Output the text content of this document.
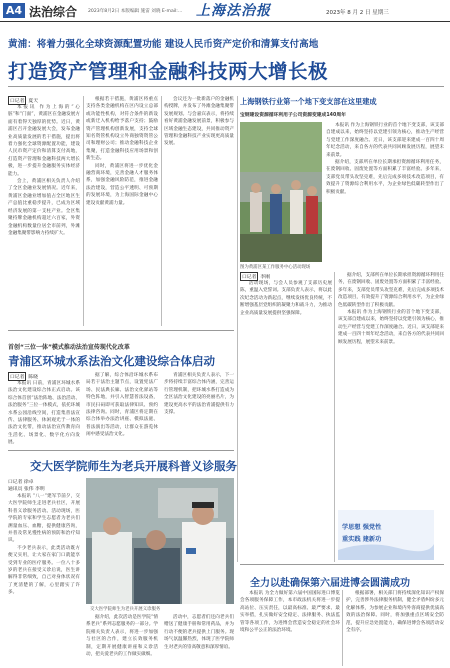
A4 法治综合 2023年8月2日 本版编辑 施雷 刘晓 E-mail:... 上海法治报	2023年 8 月 2 日 星期三
黄浦：将着力强化全球资源配置功能 建设人民币资产定价和清算支付高地
打造资产管理和金融科技两大增长极
口记者 夏天

本报讯 作为上海的“心脏”和“门面”，黄浦区在金融发展方面有着得天独厚的优势。近日，黄浦区召开金融发展大会，发布金融业高质量发展的若干措施，提出将着力强化全球资源配置功能，建设人民币资产定价和清算支付高地，打造资产管理和金融科技两大增长极，进一步提升金融服务实体经济能力。

会上，黄浦区相关负责人介绍了全区金融业发展情况。近年来，黄浦区金融业增加值占全区地区生产总值比重稳步提升，已成为区域经济发展的第一支柱产业。全区集聚持牌金融机构超过六百家，外资金融机构数量位居全市前列，外滩金融集聚带影响力持续扩大。

根据若干措施，黄浦区将重点支持各类金融机构在区内设立总部或功能性机构，对符合条件的新设或新迁入机构给予落户支持；鼓励资产管理机构创新发展，支持全球知名资管机构设立外商独资资管公司和理财公司；推动金融科技企业集聚，打造金融科技应用场景和创新生态。

同时，黄浦区将进一步优化金融营商环境，完善金融人才服务体系，加强金融风险防范，推进金融法治建设，营造公平透明、可预期的发展环境，为上海国际金融中心建设贡献黄浦力量。

会议还为一批新落户的金融机构授牌，并发布了外滩金融集聚带发展规划。与会嘉宾表示，将持续看好黄浦金融发展前景，积极参与区域金融生态建设，共同推动资产管理和金融科技产业实现更高质量发展。

上海钢铁行业第一个地下变支部在这里建成
宝钢建设资源循环利用子公司资源变建成140周年
图为黄浦区某工作服务中心活动现场

本报讯 作为上海钢铁行业的首个地下变支部，该支部自建成以来，始终坚持以党建引领为核心，推动生产经营与党建工作深度融合。近日，该支部迎来建成一百四十周年纪念活动，来自各方的代表共同回顾发展历程，展望未来前景。

据介绍，支部所在单位长期承担资源循环利用任务，在废钢回收、固废处置等方面积累了丰富经验。多年来，支部党员带头攻坚克难，先后完成多项技术改造项目，有效提升了资源综合利用水平，为企业绿色低碳转型作出了积极贡献。

口记者 李刚

活动现场，与会人员参观了支部历史展陈，重温入党誓词。支部负责人表示，将以此次纪念活动为新起点，继续发扬优良传统，不断增强基层党组织的凝聚力和战斗力，为推动企业高质量发展提供坚强保障。

据介绍，支部所在单位长期承担资源循环利用任务，在废钢回收、固废处置等方面积累了丰富经验。多年来，支部党员带头攻坚克难，先后完成多项技术改造项目，有效提升了资源综合利用水平，为企业绿色低碳转型作出了积极贡献。

本报讯 作为上海钢铁行业的首个地下变支部，该支部自建成以来，始终坚持以党建引领为核心，推动生产经营与党建工作深度融合。近日，该支部迎来建成一百四十周年纪念活动，来自各方的代表共同回顾发展历程，展望未来前景。

首创“三位一体”模式推动法治宣传现代化改革
青浦区环城水系法治文化建设综合体启动
口记者 陈晓

本报讯 日前，青浦区环城水系法治文化建设综合体正式启动。该综合体首创“法治阵地、法治活动、法治服务”三位一体模式，依托环城水系公园沿线空间，打造集普法宣传、法律服务、休闲观光于一体的法治文化带，推动法治宣传教育向生活化、场景化、数字化方向发展。

据了解，综合体沿环城水系布局若干法治主题节点，设置宪法广场、民法典长廊、法治文化驿站等特色阵地，并引入智慧普法设备，市民扫码即可获取法律知识、预约法律咨询。同时，青浦区将定期在综合体举办法治讲座、模拟法庭、普法演出等活动，让群众在游览休闲中感受法治文化。

青浦区相关负责人表示，下一步将持续丰富综合体内涵，完善运行管理机制，把环城水系打造成为全区法治文化建设的亮丽名片，为建设更高水平的法治青浦提供有力支撑。

交大医学院师生为老兵开展科普义诊服务
口记者 徐卓
通讯员 张伟 李明

本报讯 “八一”建军节前夕，交大医学院师生走进老兵社区，开展科普义诊服务活动。活动现场，医学院的专家和学生志愿者为老兵们测量血压、血糖，提供健康咨询，并普及常见慢性病的预防和治疗知识。

不少老兵表示，此类活动既方便又实用，让大家在家门口就能享受到专业的医疗服务。一位八十多岁的老兵在接受义诊后说，医生讲解得非常细致，自己对身体状况有了更清楚的了解，心里踏实了许多。

交大医学院师生为老兵开展义诊服务

据介绍，此次活动是医学院“情系老兵”系列志愿服务的一部分。学院相关负责人表示，将进一步加强与社区的合作，建立长效服务机制，定期开展健康讲座和义诊活动，把关爱老兵的工作做实做细。

活动中，志愿者们还向老兵们赠送了健康手册和常用药品，并为行动不便的老兵提供上门服务。现场气氛温馨热烈，体现了医学院师生对老兵的崇高敬意和深厚情谊。

学思想 强党性
重实践 建新功
全力以赴确保第六届进博会圆满成功

本报讯 为全力做好第六届中国国际进口博览会各项服务保障工作，本市政法机关将进一步提高站位、压实责任，以最高标准、最严要求、最实举措，扎实做好安全稳定、法律服务、执法监管等各项工作，为进博会营造安全稳定的社会环境和公平公正的法治环境。

根据部署，相关部门将持续深化知识产权保护，完善涉外法律服务机制，健全矛盾纠纷多元化解体系，为参展企业和境内外客商提供优质高效的法治保障。同时，将加强重点区域安全防范，提升应急处置能力，确保进博会各项活动安全有序。
